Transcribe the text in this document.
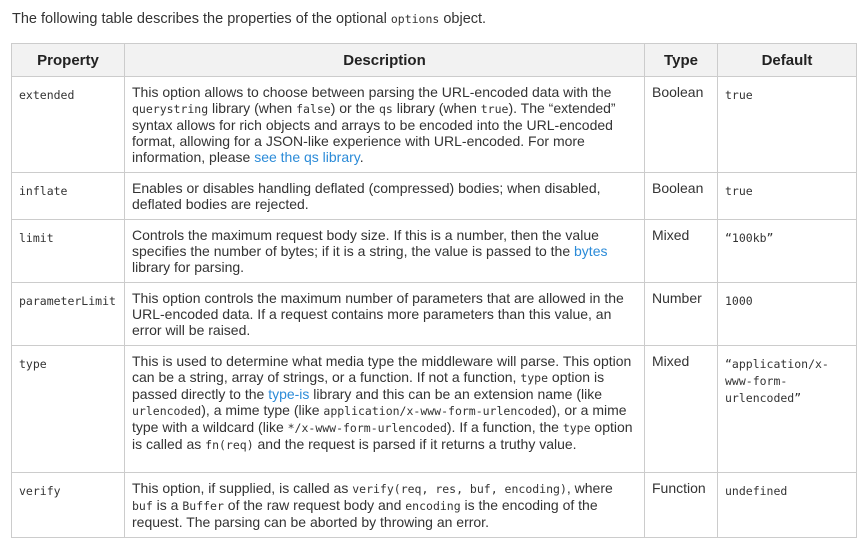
The following table describes the properties of the optional options object.

Property	Description	Type	Default
extended	This option allows to choose between parsing the URL-encoded data with the querystring library (when false) or the qs library (when true). The “extended” syntax allows for rich objects and arrays to be encoded into the URL-encoded format, allowing for a JSON-like experience with URL-encoded. For more information, please see the qs library.	Boolean	true
inflate	Enables or disables handling deflated (compressed) bodies; when disabled, deflated bodies are rejected.	Boolean	true
limit	Controls the maximum request body size. If this is a number, then the value specifies the number of bytes; if it is a string, the value is passed to the bytes library for parsing.	Mixed	“100kb”
parameterLimit	This option controls the maximum number of parameters that are allowed in the URL-encoded data. If a request contains more parameters than this value, an error will be raised.	Number	1000
type	This is used to determine what media type the middleware will parse. This option can be a string, array of strings, or a function. If not a function, type option is passed directly to the type-is library and this can be an extension name (like urlencoded), a mime type (like application/x-www-form-urlencoded), or a mime type with a wildcard (like */x-www-form-urlencoded). If a function, the type option is called as fn(req) and the request is parsed if it returns a truthy value.	Mixed	“application/x-www-form-urlencoded”
verify	This option, if supplied, is called as verify(req, res, buf, encoding), where buf is a Buffer of the raw request body and encoding is the encoding of the request. The parsing can be aborted by throwing an error.	Function	undefined
